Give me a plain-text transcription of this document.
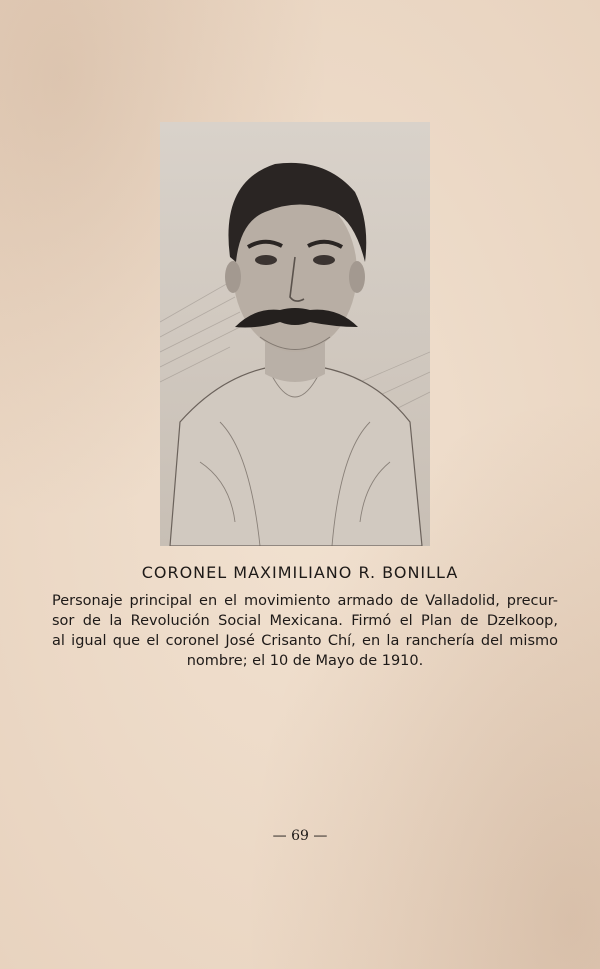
CORONEL MAXIMILIANO R. BONILLA
Personaje principal en el movimiento armado de Valladolid, precur-
sor de la Revolución Social Mexicana. Firmó el Plan de Dzelkoop,
al igual que el coronel José Crisanto Chí, en la ranchería del mismo
nombre; el 10 de Mayo de 1910.
— 69 —
